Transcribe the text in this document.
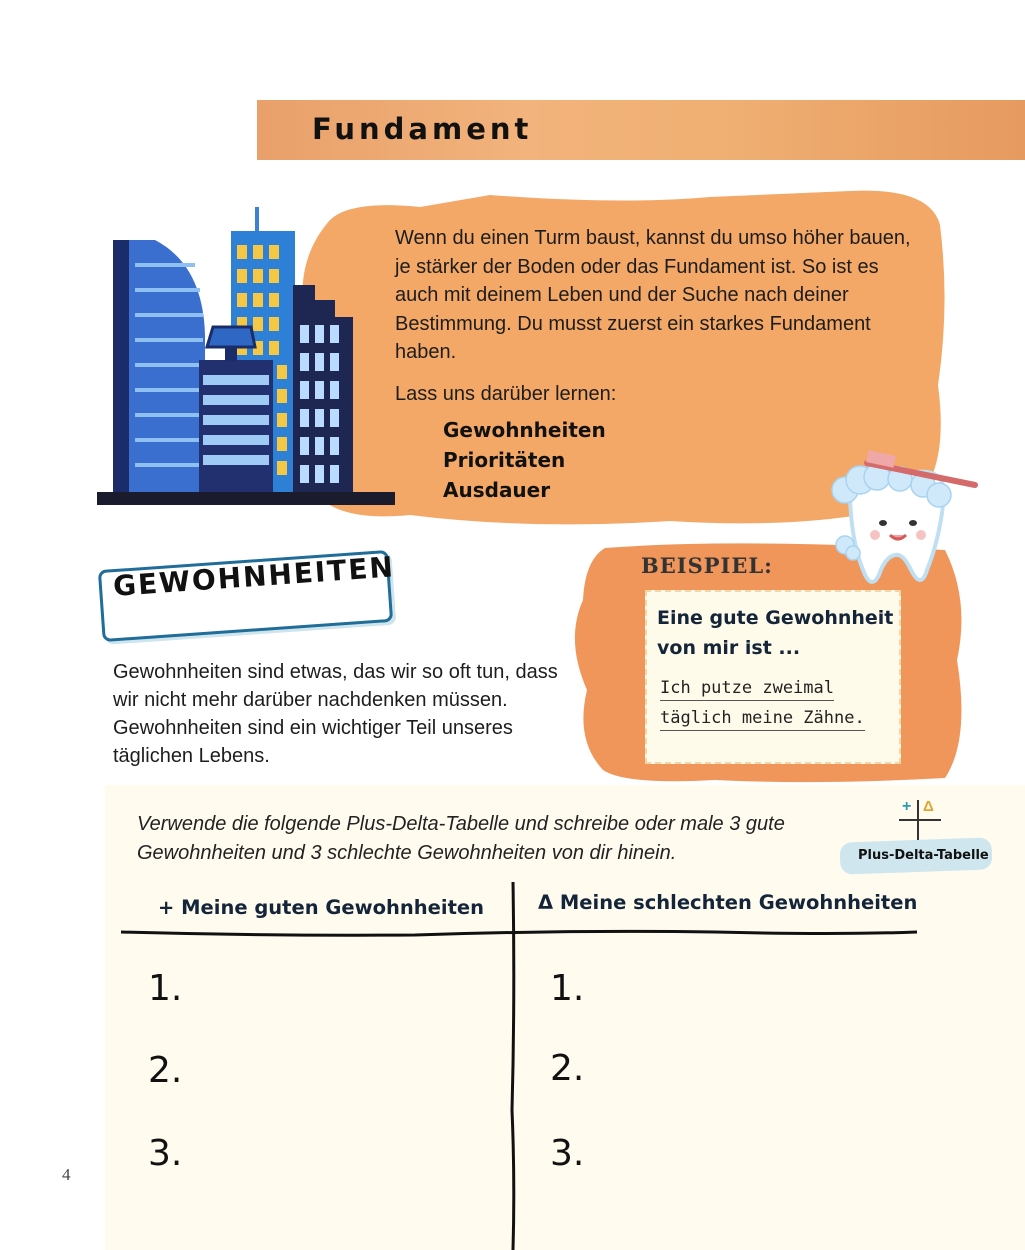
Fundament
Wenn du einen Turm baust, kannst du umso höher bauen, je stärker der Boden oder das Fundament ist. So ist es auch mit deinem Leben und der Suche nach deiner Bestimmung. Du musst zuerst ein starkes Fundament haben.
Lass uns darüber lernen:
Gewohnheiten
Prioritäten
Ausdauer
BEISPIEL:
Eine gute Gewohnheit von mir ist ...
Ich putze zweimal
täglich meine Zähne.
GEWOHNHEITEN
Gewohnheiten sind etwas, das wir so oft tun, dass wir nicht mehr darüber nachdenken müssen. Gewohnheiten sind ein wichtiger Teil unseres täglichen Lebens.
Verwende die folgende Plus-Delta-Tabelle und schreibe oder male 3 gute Gewohnheiten und 3 schlechte Gewohnheiten von dir hinein.	Plus-Delta-Tabelle
+ Δ
+ Meine guten Gewohnheiten	Δ Meine schlechten Gewohnheiten
1.
2.
3.
1.
2.
3.
4
